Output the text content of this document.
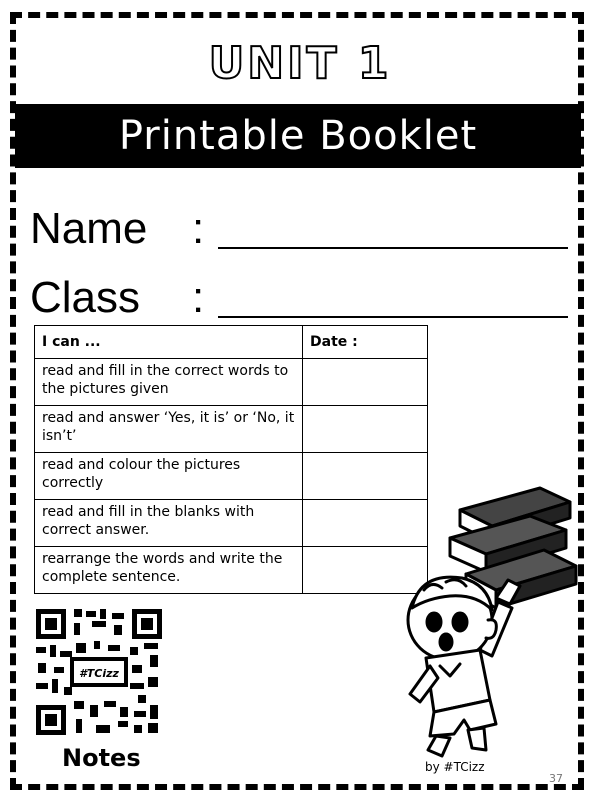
UNIT 1
Printable Booklet
Name :
Class :
I can ...	Date :
read and fill in the correct words to the pictures given	
read and answer ‘Yes, it is’ or ‘No, it isn’t’	
read and colour the pictures correctly	
read and fill in the blanks with correct answer.	
rearrange the words and write the complete sentence.	
#TCizz
Notes	by #TCizz
37
